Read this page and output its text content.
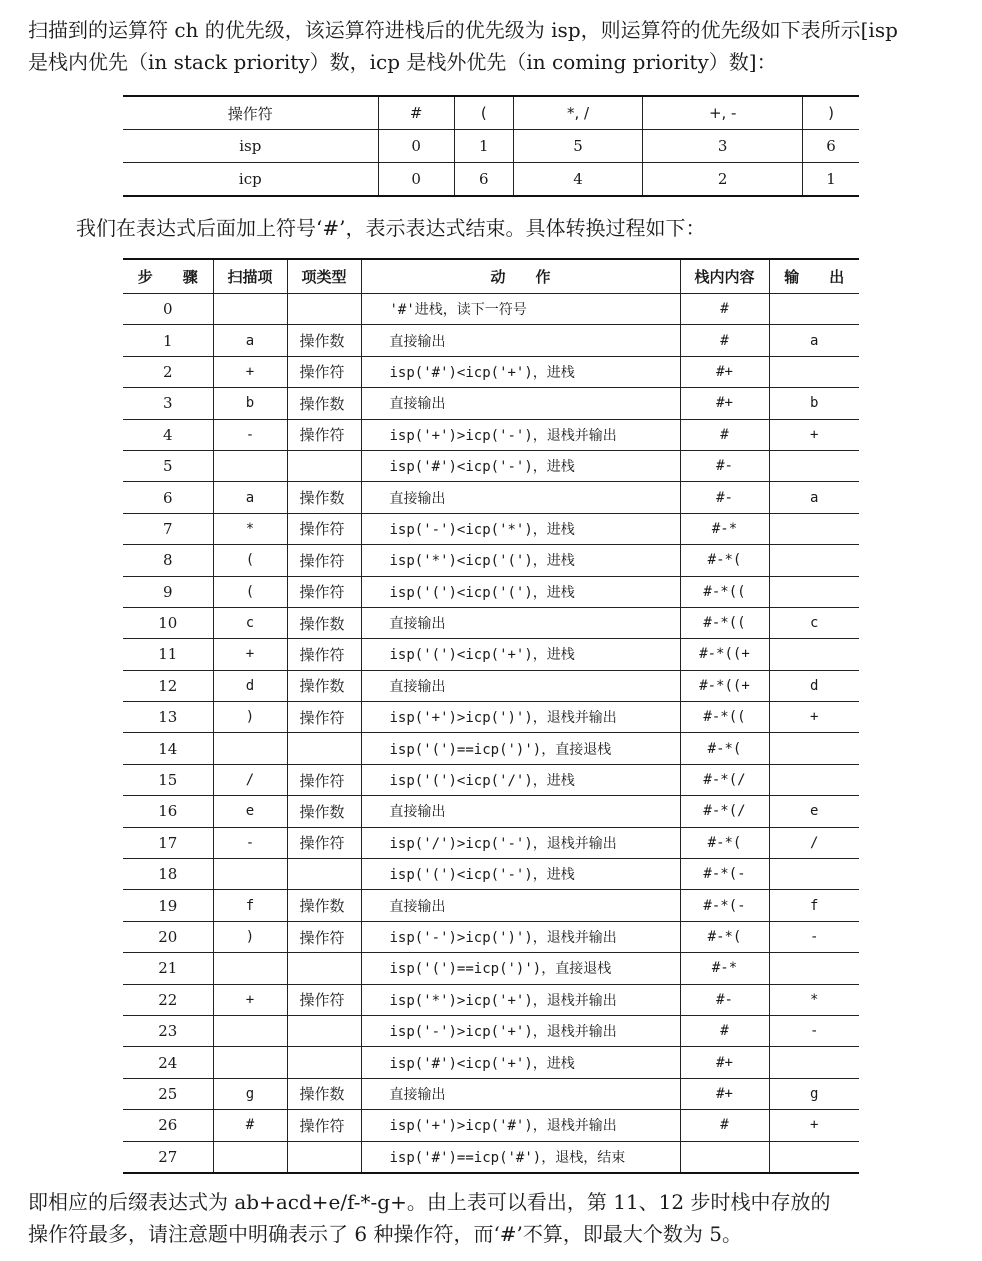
扫描到的运算符 ch 的优先级，该运算符进栈后的优先级为 isp，则运算符的优先级如下表所示[isp
是栈内优先（in stack priority）数，icp 是栈外优先（in coming priority）数]：
操作符	#	(	*, /	+, -	)
isp	0	1	5	3	6
icp	0	6	4	2	1
我们在表达式后面加上符号‘#’，表示表达式结束。具体转换过程如下：
步　　骤	扫描项	项类型	动　　作	栈内内容	输　　出
0			'#'进栈，读下一符号	#	
1	a	操作数	直接输出	#	a
2	+	操作符	isp('#')<icp('+')，进栈	#+	
3	b	操作数	直接输出	#+	b
4	-	操作符	isp('+')>icp('-')，退栈并输出	#	+
5			isp('#')<icp('-')，进栈	#-	
6	a	操作数	直接输出	#-	a
7	*	操作符	isp('-')<icp('*')，进栈	#-*	
8	(	操作符	isp('*')<icp('(')，进栈	#-*(	
9	(	操作符	isp('(')<icp('(')，进栈	#-*((	
10	c	操作数	直接输出	#-*((	c
11	+	操作符	isp('(')<icp('+')，进栈	#-*((+	
12	d	操作数	直接输出	#-*((+	d
13	)	操作符	isp('+')>icp(')')，退栈并输出	#-*((	+
14			isp('(')==icp(')')，直接退栈	#-*(	
15	/	操作符	isp('(')<icp('/')，进栈	#-*(/	
16	e	操作数	直接输出	#-*(/	e
17	-	操作符	isp('/')>icp('-')，退栈并输出	#-*(	/
18			isp('(')<icp('-')，进栈	#-*(-	
19	f	操作数	直接输出	#-*(-	f
20	)	操作符	isp('-')>icp(')')，退栈并输出	#-*(	-
21			isp('(')==icp(')')，直接退栈	#-*	
22	+	操作符	isp('*')>icp('+')，退栈并输出	#-	*
23			isp('-')>icp('+')，退栈并输出	#	-
24			isp('#')<icp('+')，进栈	#+	
25	g	操作数	直接输出	#+	g
26	#	操作符	isp('+')>icp('#')，退栈并输出	#	+
27			isp('#')==icp('#')，退栈，结束		
即相应的后缀表达式为 ab+acd+e/f-*-g+。由上表可以看出，第 11、12 步时栈中存放的
操作符最多，请注意题中明确表示了 6 种操作符，而‘#’不算，即最大个数为 5。
